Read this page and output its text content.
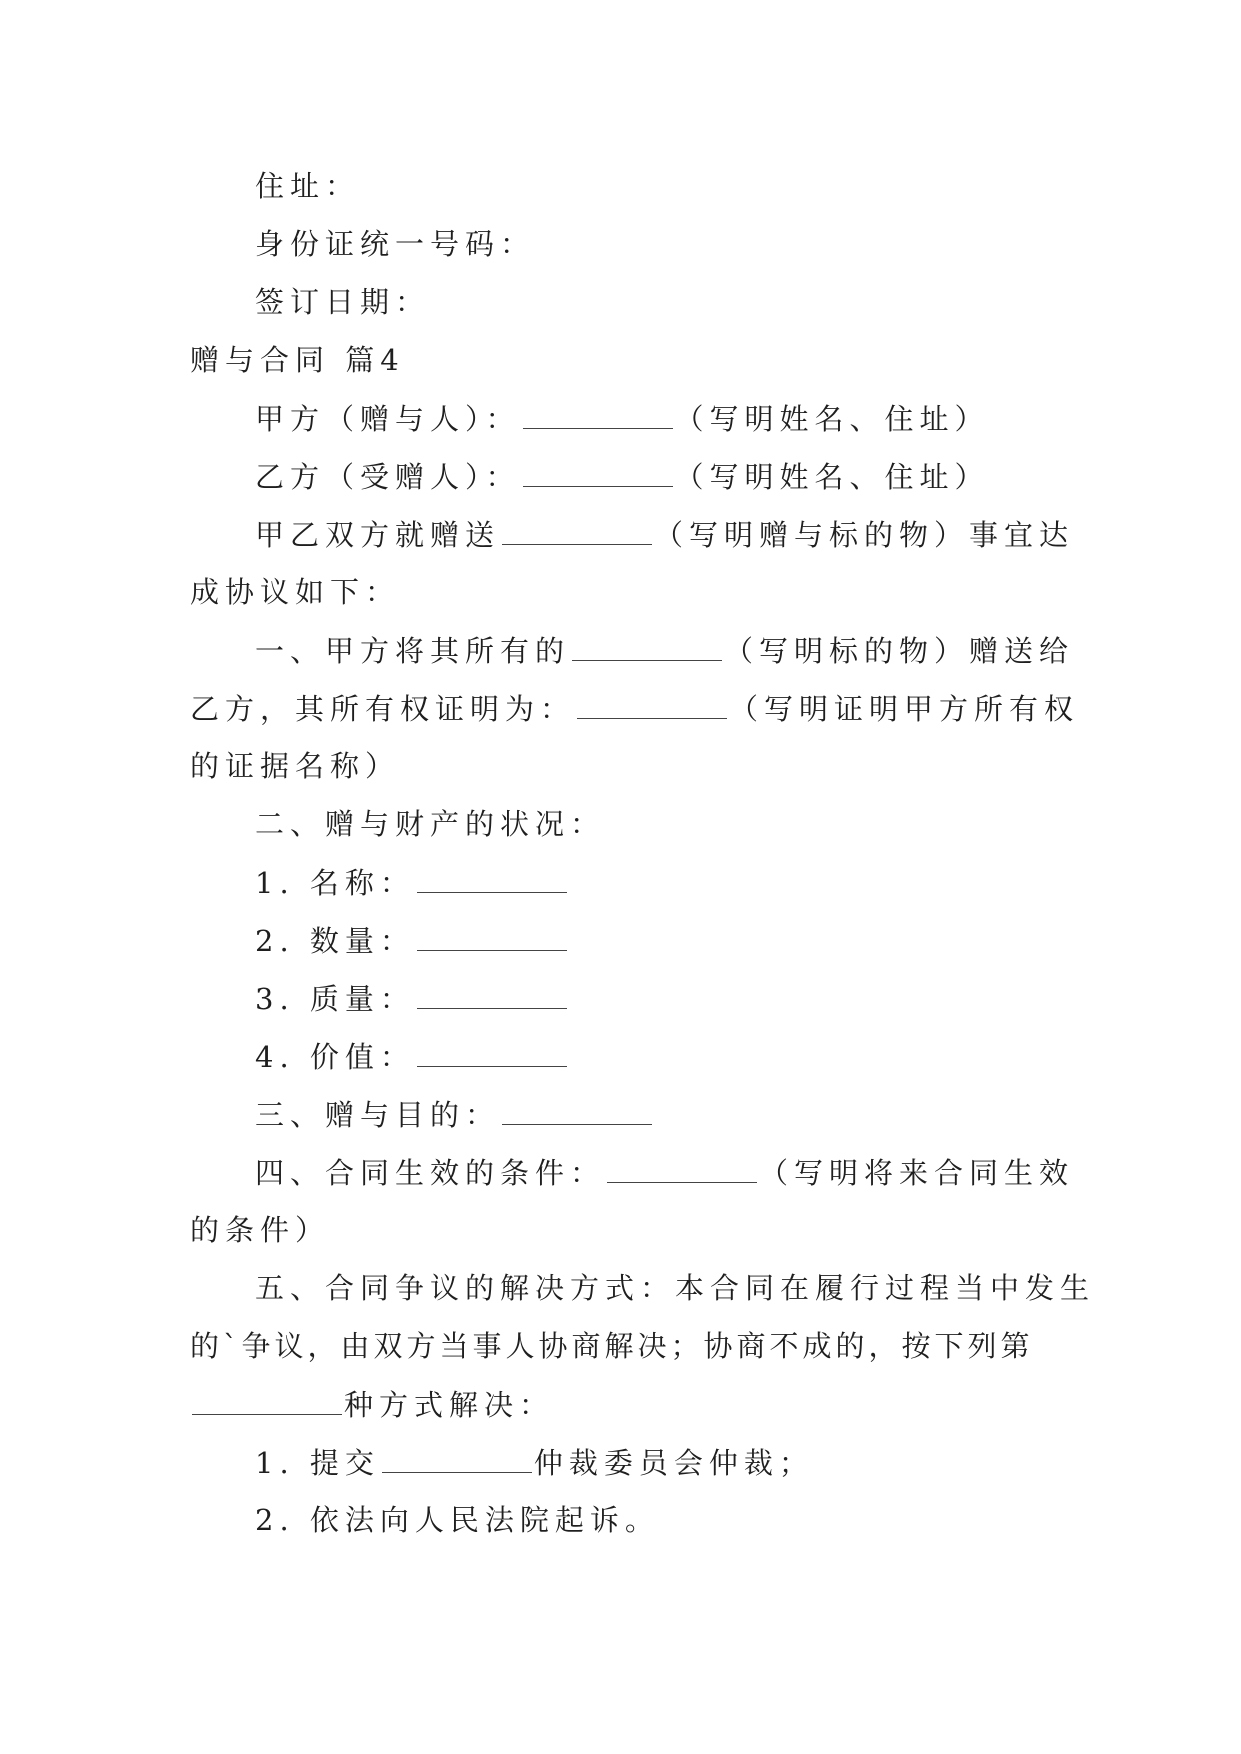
住址：
身份证统一号码：
签订日期：
赠与合同 篇4
甲方（赠与人）：	（写明姓名、住址）
乙方（受赠人）：	（写明姓名、住址）
甲乙双方就赠送	（写明赠与标的物）事宜达
成协议如下：
一、甲方将其所有的	（写明标的物）赠送给
乙方，其所有权证明为：	（写明证明甲方所有权
的证据名称）
二、赠与财产的状况：
1. 名称：
2. 数量：
3. 质量：
4. 价值：
三、赠与目的：
四、合同生效的条件：	（写明将来合同生效
的条件）
五、合同争议的解决方式：本合同在履行过程当中发生
的`争议，由双方当事人协商解决；协商不成的，按下列第
种方式解决：
1. 提交	仲裁委员会仲裁；
2. 依法向人民法院起诉。
